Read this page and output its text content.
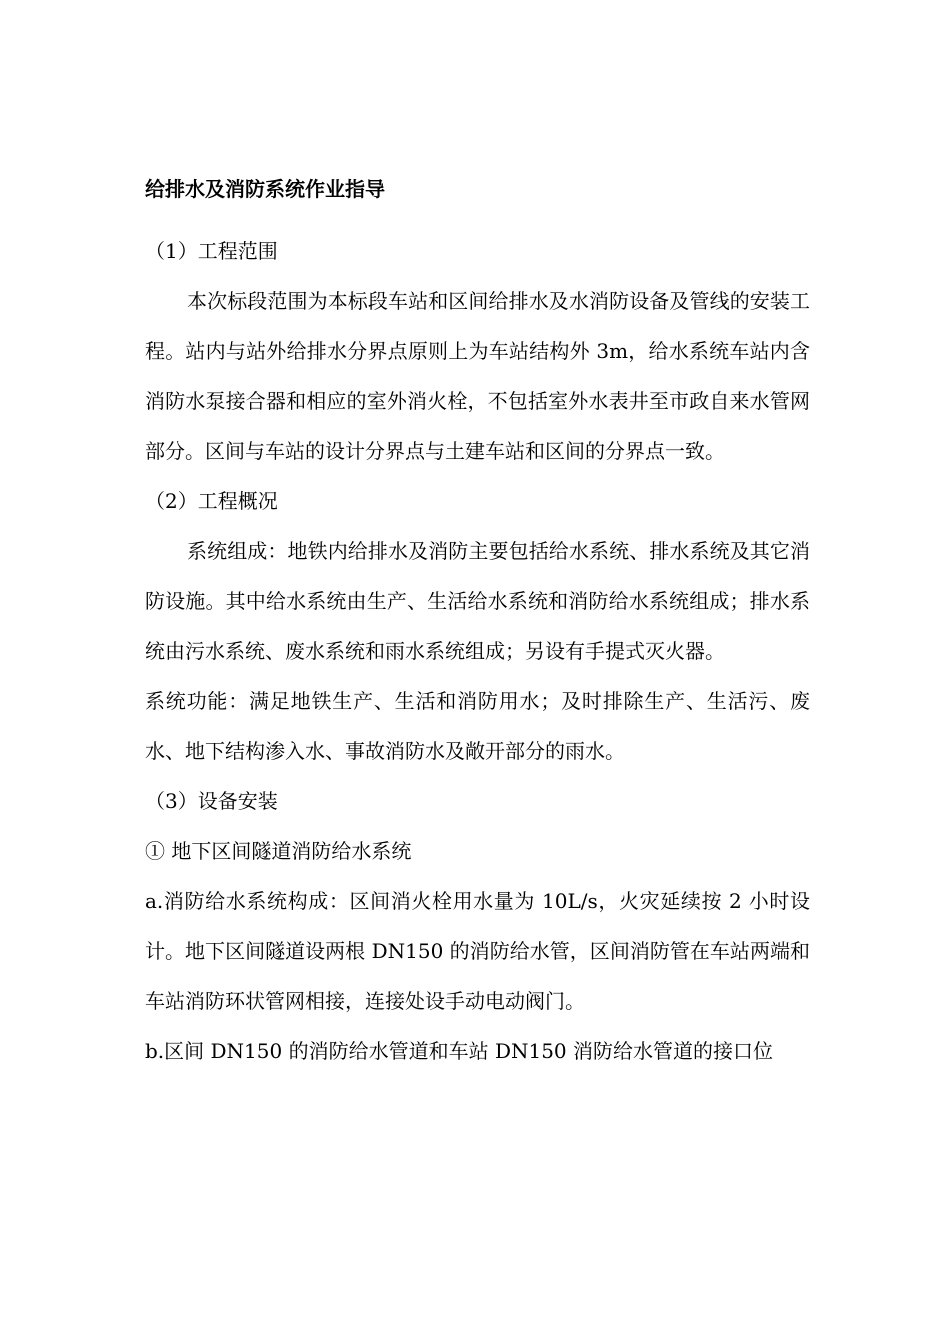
给排水及消防系统作业指导

（1）工程范围

本次标段范围为本标段车站和区间给排水及水消防设备及管线的安装工程。站内与站外给排水分界点原则上为车站结构外 3m，给水系统车站内含消防水泵接合器和相应的室外消火栓，不包括室外水表井至市政自来水管网部分。区间与车站的设计分界点与土建车站和区间的分界点一致。

（2）工程概况

系统组成：地铁内给排水及消防主要包括给水系统、排水系统及其它消防设施。其中给水系统由生产、生活给水系统和消防给水系统组成；排水系统由污水系统、废水系统和雨水系统组成；另设有手提式灭火器。

系统功能：满足地铁生产、生活和消防用水；及时排除生产、生活污、废水、地下结构渗入水、事故消防水及敞开部分的雨水。

（3）设备安装

① 地下区间隧道消防给水系统

a.消防给水系统构成：区间消火栓用水量为 10L/s，火灾延续按 2 小时设计。地下区间隧道设两根 DN150 的消防给水管，区间消防管在车站两端和车站消防环状管网相接，连接处设手动电动阀门。

b.区间 DN150 的消防给水管道和车站 DN150 消防给水管道的接口位
